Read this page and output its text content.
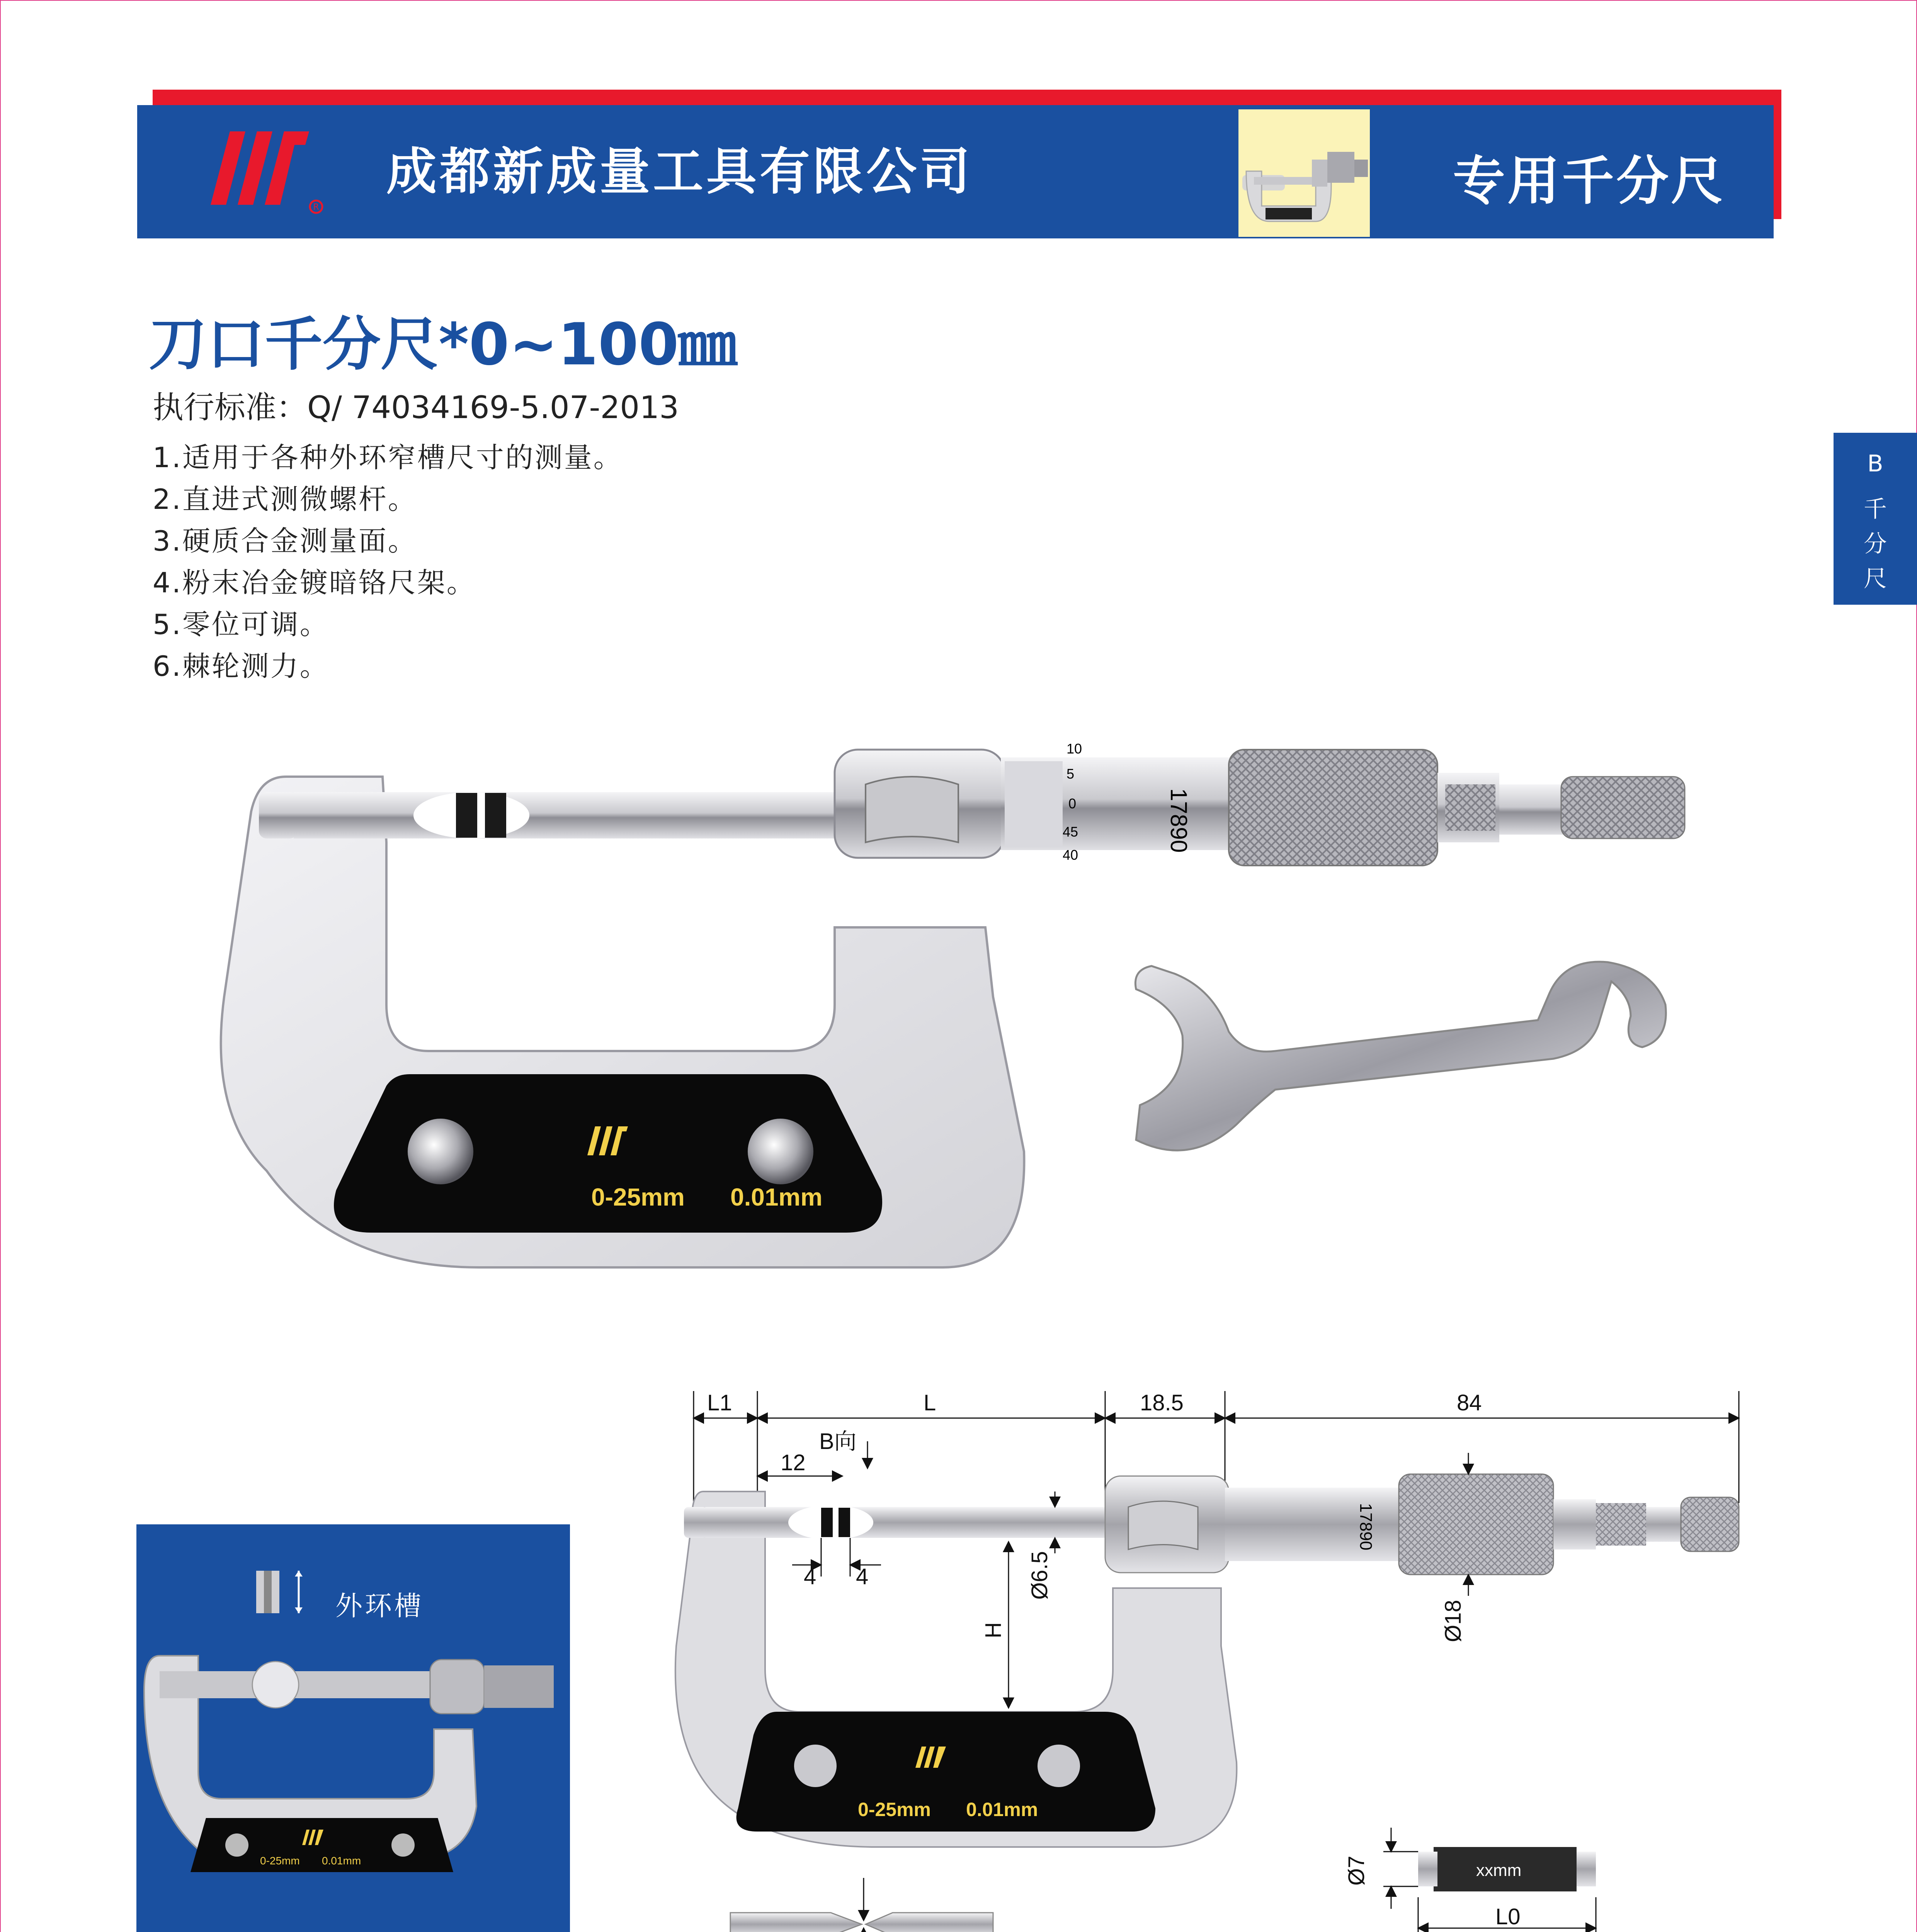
R
成都新成量工具有限公司	专用千分尺
刀口千分尺*0~100㎜
执行标准：Q/ 74034169-5.07-2013
1.适用于各种外环窄槽尺寸的测量。
2.直进式测微螺杆。
3.硬质合金测量面。
4.粉末冶金镀暗铬尺架。
5.零位可调。
6.棘轮测力。
B
千
分
尺
10
5
0
45
40
17890
0-25mm 0.01mm
外环槽
0-25mm 0.01mm
L1	L	18.5	84
12
B向
17890
4 4	Ø6.5
H	Ø18
0-25mm 0.01mm
xxmm
L0
Ø7
